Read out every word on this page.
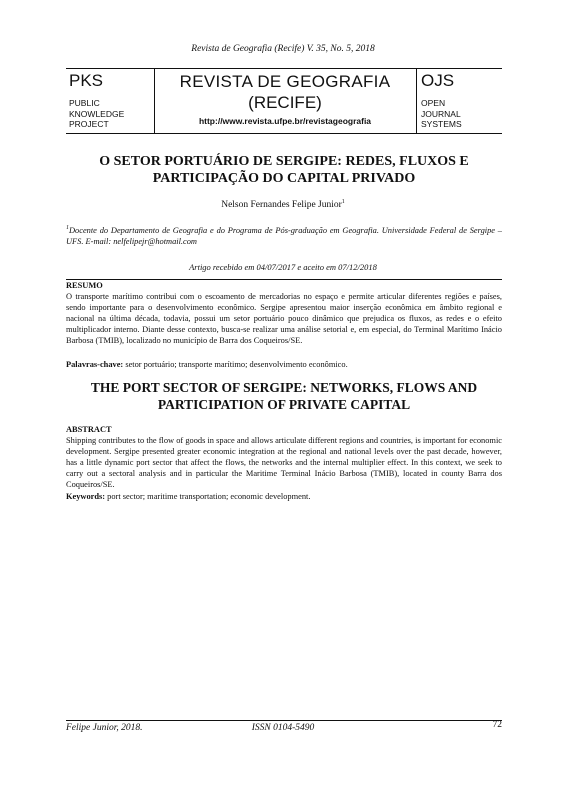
Revista de Geografia (Recife) V. 35, No. 5, 2018
PKS
PUBLIC
KNOWLEDGE
PROJECT
REVISTA DE GEOGRAFIA
(RECIFE)
http://www.revista.ufpe.br/revistageografia
OJS
OPEN
JOURNAL
SYSTEMS
O SETOR PORTUÁRIO DE SERGIPE: REDES, FLUXOS E
PARTICIPAÇÃO DO CAPITAL PRIVADO
Nelson Fernandes Felipe Junior$^1$
$^1$Docente do Departamento de Geografia e do Programa de Pós-graduação em Geografia. Universidade Federal de Sergipe – UFS. E-mail: nelfelipejr@hotmail.com
Artigo recebido em 04/07/2017 e aceito em 07/12/2018
RESUMO
O transporte marítimo contribui com o escoamento de mercadorias no espaço e permite articular diferentes regiões e países, sendo importante para o desenvolvimento econômico. Sergipe apresentou maior inserção econômica em âmbito regional e nacional na última década, todavia, possui um setor portuário pouco dinâmico que prejudica os fluxos, as redes e o efeito multiplicador interno. Diante desse contexto, busca-se realizar uma análise setorial e, em especial, do Terminal Marítimo Inácio Barbosa (TMIB), localizado no município de Barra dos Coqueiros/SE.
Palavras-chave: setor portuário; transporte marítimo; desenvolvimento econômico.
THE PORT SECTOR OF SERGIPE: NETWORKS, FLOWS AND
PARTICIPATION OF PRIVATE CAPITAL
ABSTRACT
Shipping contributes to the flow of goods in space and allows articulate different regions and countries, is important for economic development. Sergipe presented greater economic integration at the regional and national levels over the past decade, however, has a little dynamic port sector that affect the flows, the networks and the internal multiplier effect. In this context, we seek to carry out a sectoral analysis and in particular the Maritime Terminal Inácio Barbosa (TMIB), located in county Barra dos Coqueiros/SE.
Keywords: port sector; maritime transportation; economic development.
Felipe Junior, 2018.	ISSN 0104-5490	72
